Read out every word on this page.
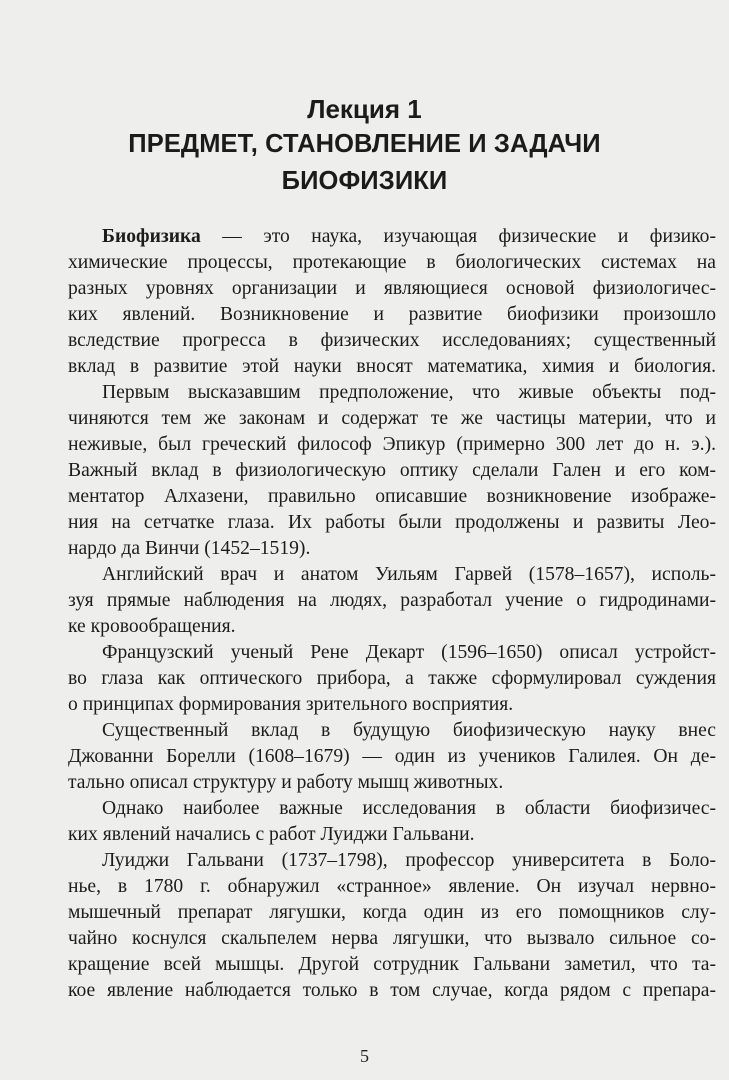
Лекция 1
ПРЕДМЕТ, СТАНОВЛЕНИЕ И ЗАДАЧИ
БИОФИЗИКИ
Биофизика — это наука, изучающая физические и физико-
химические процессы, протекающие в биологических системах на
разных уровнях организации и являющиеся основой физиологичес-
ких явлений. Возникновение и развитие биофизики произошло
вследствие прогресса в физических исследованиях; существенный
вклад в развитие этой науки вносят математика, химия и биология.
Первым высказавшим предположение, что живые объекты под-
чиняются тем же законам и содержат те же частицы материи, что и
неживые, был греческий философ Эпикур (примерно 300 лет до н. э.).
Важный вклад в физиологическую оптику сделали Гален и его ком-
ментатор Алхазени, правильно описавшие возникновение изображе-
ния на сетчатке глаза. Их работы были продолжены и развиты Лео-
нардо да Винчи (1452–1519).
Английский врач и анатом Уильям Гарвей (1578–1657), исполь-
зуя прямые наблюдения на людях, разработал учение о гидродинами-
ке кровообращения.
Французский ученый Рене Декарт (1596–1650) описал устройст-
во глаза как оптического прибора, а также сформулировал суждения
о принципах формирования зрительного восприятия.
Существенный вклад в будущую биофизическую науку внес
Джованни Борелли (1608–1679) — один из учеников Галилея. Он де-
тально описал структуру и работу мышц животных.
Однако наиболее важные исследования в области биофизичес-
ких явлений начались с работ Луиджи Гальвани.
Луиджи Гальвани (1737–1798), профессор университета в Боло-
нье, в 1780 г. обнаружил «странное» явление. Он изучал нервно-
мышечный препарат лягушки, когда один из его помощников слу-
чайно коснулся скальпелем нерва лягушки, что вызвало сильное со-
кращение всей мышцы. Другой сотрудник Гальвани заметил, что та-
кое явление наблюдается только в том случае, когда рядом с препара-
5
